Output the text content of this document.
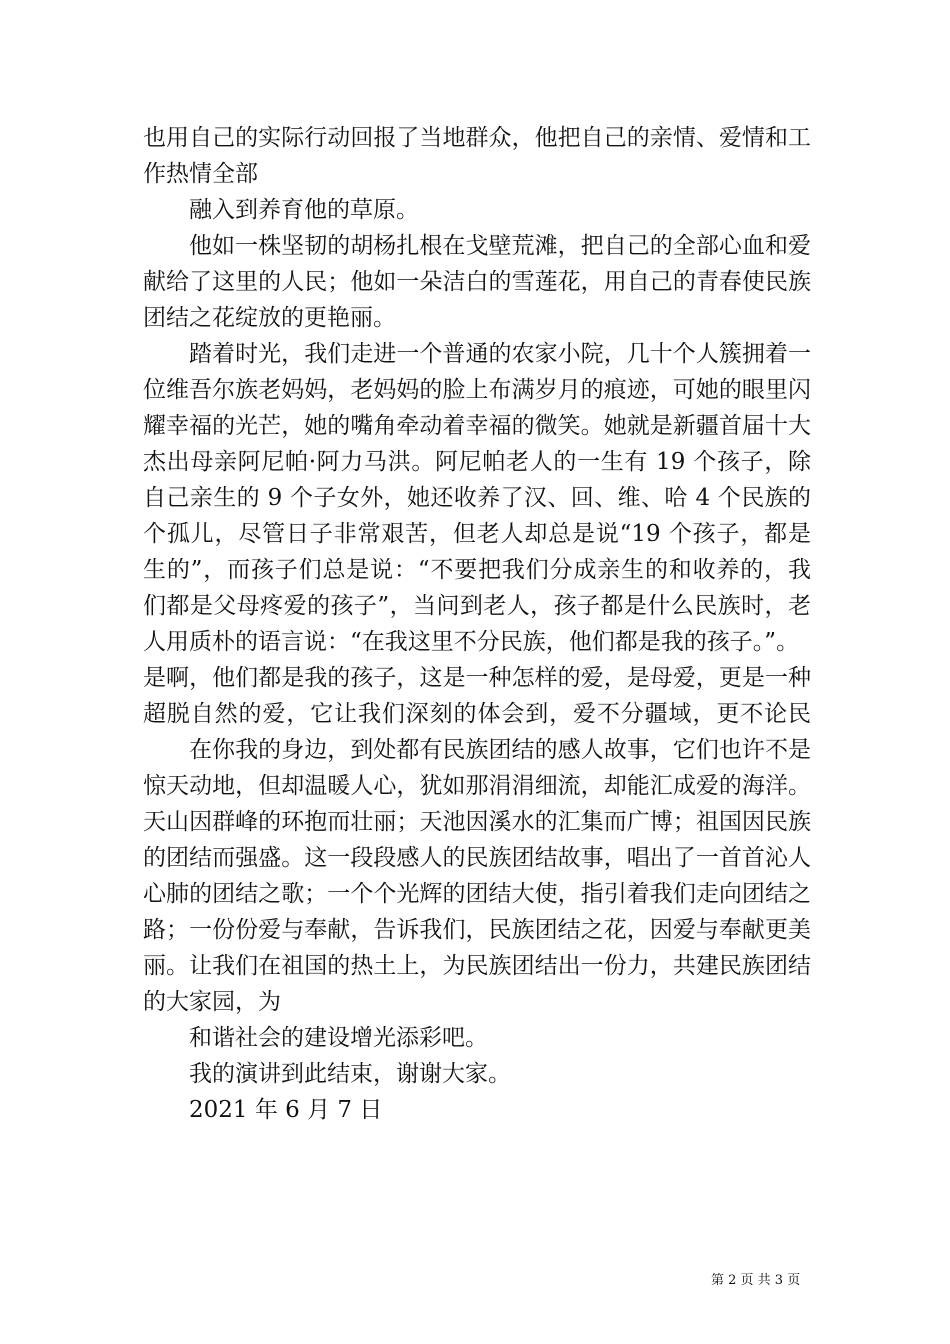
也用自己的实际行动回报了当地群众，他把自己的亲情、爱情和工
作热情全部
融入到养育他的草原。
他如一株坚韧的胡杨扎根在戈壁荒滩，把自己的全部心血和爱
献给了这里的人民；他如一朵洁白的雪莲花，用自己的青春使民族
团结之花绽放的更艳丽。
踏着时光，我们走进一个普通的农家小院，几十个人簇拥着一
位维吾尔族老妈妈，老妈妈的脸上布满岁月的痕迹，可她的眼里闪
耀幸福的光芒，她的嘴角牵动着幸福的微笑。她就是新疆首届十大
杰出母亲阿尼帕·阿力马洪。阿尼帕老人的一生有 19 个孩子，除
自己亲生的 9 个子女外，她还收养了汉、回、维、哈 4 个民族的
个孤儿，尽管日子非常艰苦，但老人却总是说“19 个孩子，都是
生的”，而孩子们总是说：“不要把我们分成亲生的和收养的，我
们都是父母疼爱的孩子”，当问到老人，孩子都是什么民族时，老
人用质朴的语言说：“在我这里不分民族，他们都是我的孩子。”。
是啊，他们都是我的孩子，这是一种怎样的爱，是母爱，更是一种
超脱自然的爱，它让我们深刻的体会到，爱不分疆域，更不论民
在你我的身边，到处都有民族团结的感人故事，它们也许不是
惊天动地，但却温暖人心，犹如那涓涓细流，却能汇成爱的海洋。
天山因群峰的环抱而壮丽；天池因溪水的汇集而广博；祖国因民族
的团结而强盛。这一段段感人的民族团结故事，唱出了一首首沁人
心肺的团结之歌；一个个光辉的团结大使，指引着我们走向团结之
路；一份份爱与奉献，告诉我们，民族团结之花，因爱与奉献更美
丽。让我们在祖国的热土上，为民族团结出一份力，共建民族团结
的大家园，为
和谐社会的建设增光添彩吧。
我的演讲到此结束，谢谢大家。
2021 年 6 月 7 日
第 2 页 共 3 页
